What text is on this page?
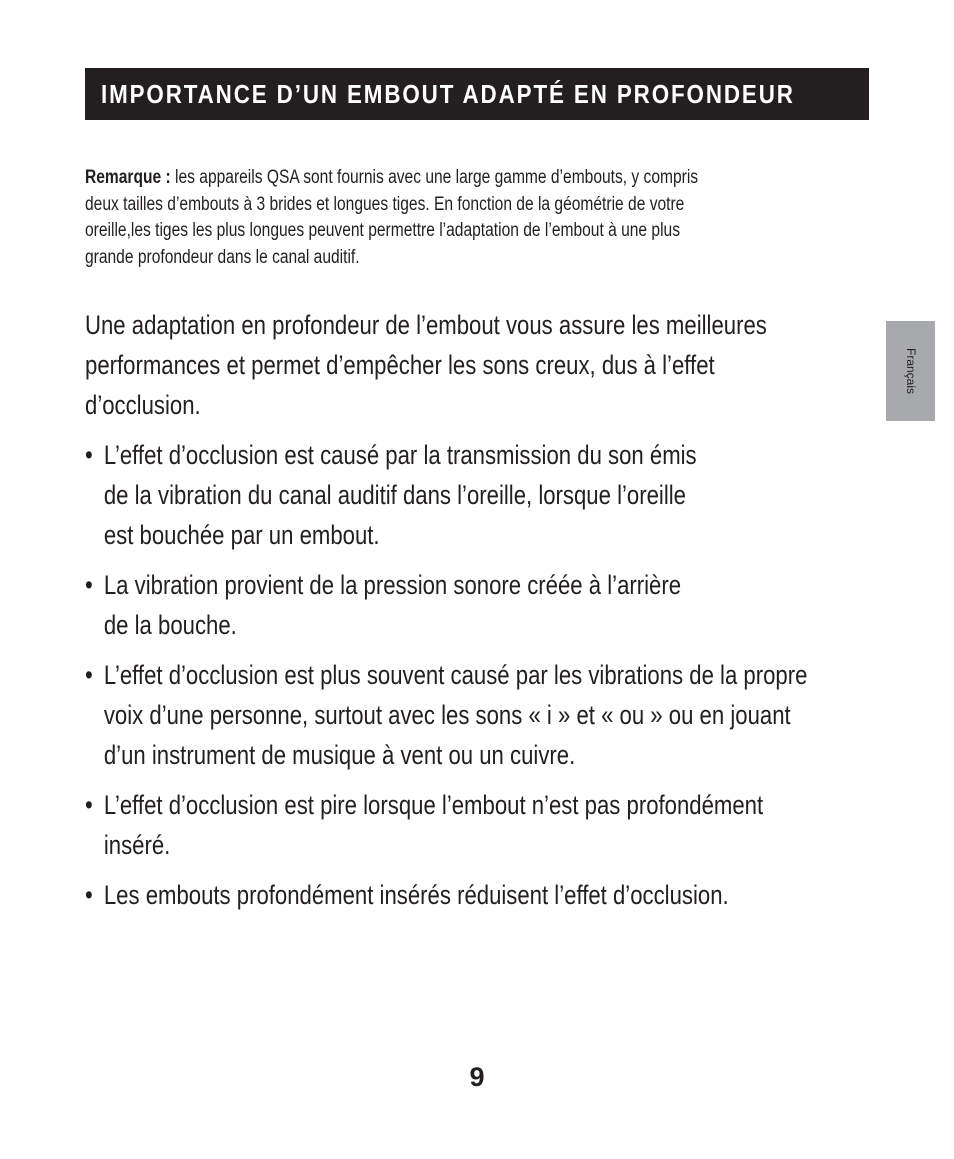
IMPORTANCE D’UN EMBOUT ADAPTÉ EN PROFONDEUR
Remarque : les appareils QSA sont fournis avec une large gamme d’embouts, y compris
deux tailles d’embouts à 3 brides et longues tiges. En fonction de la géométrie de votre
oreille,les tiges les plus longues peuvent permettre l’adaptation de l’embout à une plus
grande profondeur dans le canal auditif.
Une adaptation en profondeur de l’embout vous assure les meilleures
performances et permet d’empêcher les sons creux, dus à l’effet
d’occlusion.
• L’effet d’occlusion est causé par la transmission du son émis
de la vibration du canal auditif dans l’oreille, lorsque l’oreille
est bouchée par un embout.
• La vibration provient de la pression sonore créée à l’arrière
de la bouche.
• L’effet d’occlusion est plus souvent causé par les vibrations de la propre
voix d’une personne, surtout avec les sons « i » et « ou » ou en jouant
d’un instrument de musique à vent ou un cuivre.
• L’effet d’occlusion est pire lorsque l’embout n’est pas profondément
inséré.
• Les embouts profondément insérés réduisent l’effet d’occlusion.
Français
9
